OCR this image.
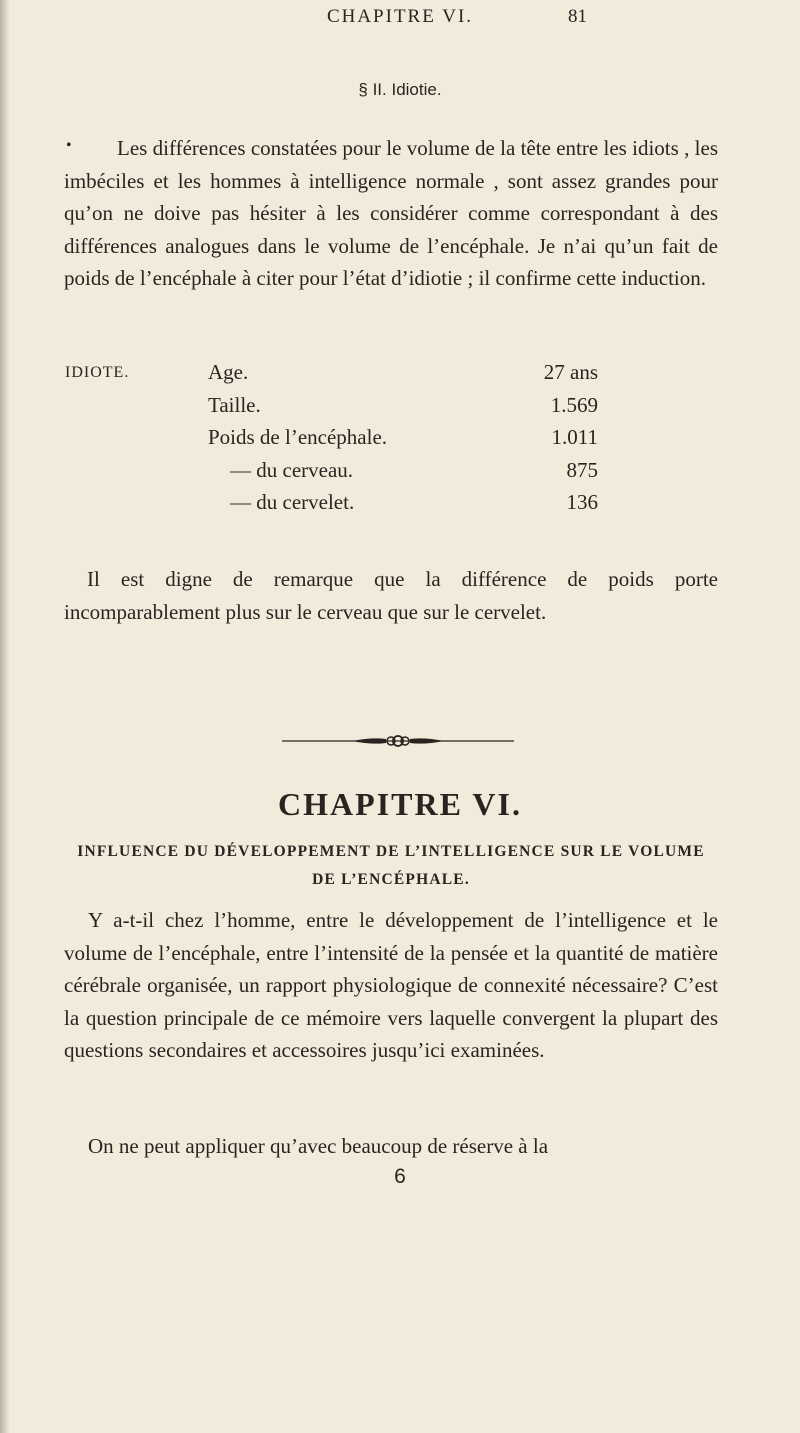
CHAPITRE VI.	81
§ II. Idiotie.
•	Les différences constatées pour le volume de la tête entre les idiots , les imbéciles et les hommes à intelligence normale , sont assez grandes pour qu’on ne doive pas hésiter à les considérer comme correspondant à des différences analogues dans le volume de l’encéphale. Je n’ai qu’un fait de poids de l’encéphale à citer pour l’état d’idiotie ; il confirme cette induction.

IDIOTE.	Age.	27 ans
Taille.	1.569
Poids de l’encéphale.	1.011
— du cerveau.	875
— du cervelet.	136

Il est digne de remarque que la différence de poids porte incomparablement plus sur le cerveau que sur le cervelet.

CHAPITRE VI.

INFLUENCE DU DÉVELOPPEMENT DE L’INTELLIGENCE SUR LE VOLUME DE L’ENCÉPHALE.

Y a-t-il chez l’homme, entre le développement de l’intelligence et le volume de l’encéphale, entre l’intensité de la pensée et la quantité de matière cérébrale organisée, un rapport physiologique de connexité nécessaire? C’est la question principale de ce mémoire vers laquelle convergent la plupart des questions secondaires et accessoires jusqu’ici examinées.

On ne peut appliquer qu’avec beaucoup de réserve à la

6
